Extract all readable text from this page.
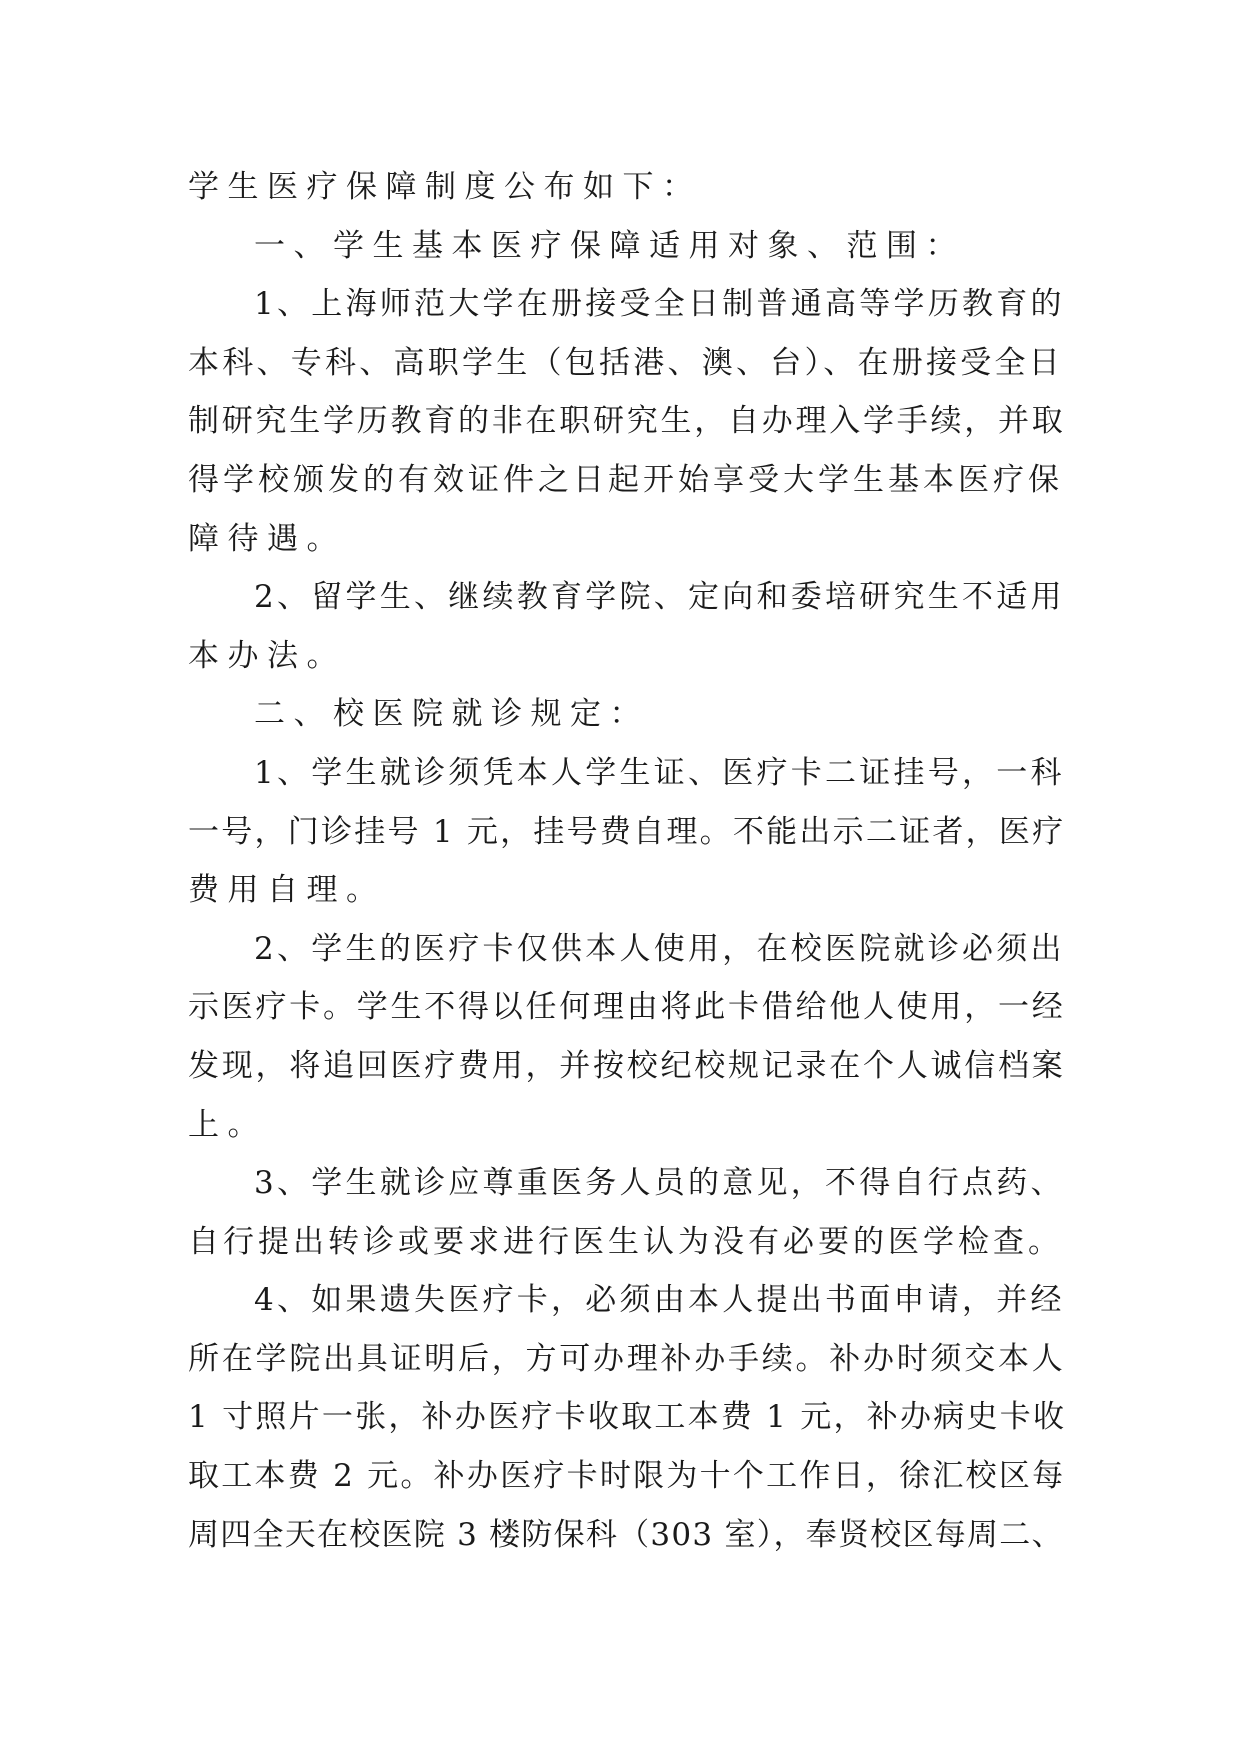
学生医疗保障制度公布如下：
一、学生基本医疗保障适用对象、范围：
1、上海师范大学在册接受全日制普通高等学历教育的
本科、专科、高职学生（包括港、澳、台）、在册接受全日
制研究生学历教育的非在职研究生，自办理入学手续，并取
得学校颁发的有效证件之日起开始享受大学生基本医疗保
障待遇。
2、留学生、继续教育学院、定向和委培研究生不适用
本办法。
二、校医院就诊规定：
1、学生就诊须凭本人学生证、医疗卡二证挂号，一科
一号，门诊挂号 1 元，挂号费自理。不能出示二证者，医疗
费用自理。
2、学生的医疗卡仅供本人使用，在校医院就诊必须出
示医疗卡。学生不得以任何理由将此卡借给他人使用，一经
发现，将追回医疗费用，并按校纪校规记录在个人诚信档案
上。
3、学生就诊应尊重医务人员的意见，不得自行点药、
自行提出转诊或要求进行医生认为没有必要的医学检查。
4、如果遗失医疗卡，必须由本人提出书面申请，并经
所在学院出具证明后，方可办理补办手续。补办时须交本人
1 寸照片一张，补办医疗卡收取工本费 1 元，补办病史卡收
取工本费 2 元。补办医疗卡时限为十个工作日，徐汇校区每
周四全天在校医院 3 楼防保科（303 室），奉贤校区每周二、
